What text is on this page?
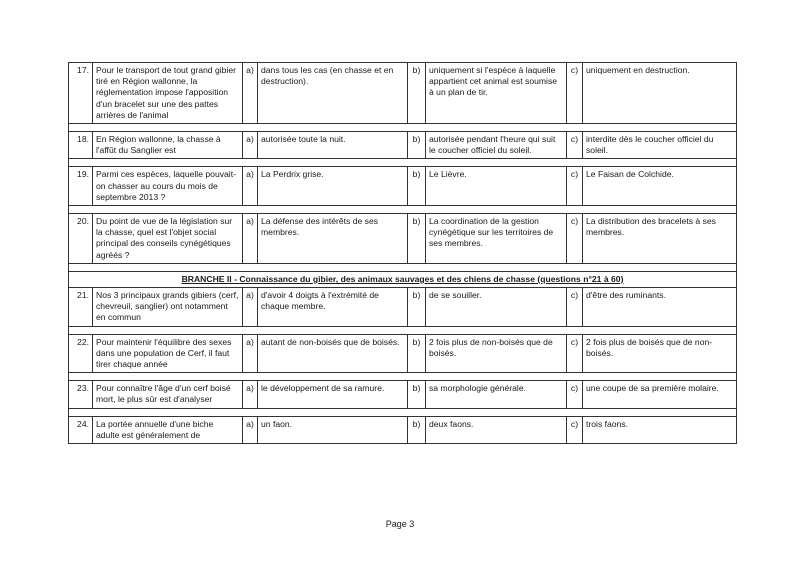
17.	Pour le transport de tout grand gibier tiré en Région wallonne, la réglementation impose l'apposition d'un bracelet sur une des pattes arrières de l'animal	a)	dans tous les cas (en chasse et en destruction).	b)	uniquement si l'espèce à laquelle appartient cet animal est soumise à un plan de tir.	c)	uniquement en destruction.

18.	En Région wallonne, la chasse à l'affût du Sanglier est	a)	autorisée toute la nuit.	b)	autorisée pendant l'heure qui suit le coucher officiel du soleil.	c)	interdite dès le coucher officiel du soleil.

19.	Parmi ces espèces, laquelle pouvait-on chasser au cours du mois de septembre 2013 ?	a)	La Perdrix grise.	b)	Le Lièvre.	c)	Le Faisan de Colchide.

20.	Du point de vue de la législation sur la chasse, quel est l'objet social principal des conseils cynégétiques agréés ?	a)	La défense des intérêts de ses membres.	b)	La coordination de la gestion cynégétique sur les territoires de ses membres.	c)	La distribution des bracelets à ses membres.

BRANCHE II - Connaissance du gibier, des animaux sauvages et des chiens de chasse (questions n°21 à 60)							
21.	Nos 3 principaux grands gibiers (cerf, chevreuil, sanglier) ont notamment en commun	a)	d'avoir 4 doigts à l'extrémité de chaque membre.	b)	de se souiller.	c)	d'être des ruminants.

22.	Pour maintenir l'équilibre des sexes dans une population de Cerf, il faut tirer chaque année	a)	autant de non-boisés que de boisés.	b)	2 fois plus de non-boisés que de boisés.	c)	2 fois plus de boisés que de non-boisés.

23.	Pour connaître l'âge d'un cerf boisé mort, le plus sûr est d'analyser	a)	le développement de sa ramure.	b)	sa morphologie générale.	c)	une coupe de sa première molaire.

24.	La portée annuelle d'une biche adulte est généralement de	a)	un faon.	b)	deux faons.	c)	trois faons.
Page 3
